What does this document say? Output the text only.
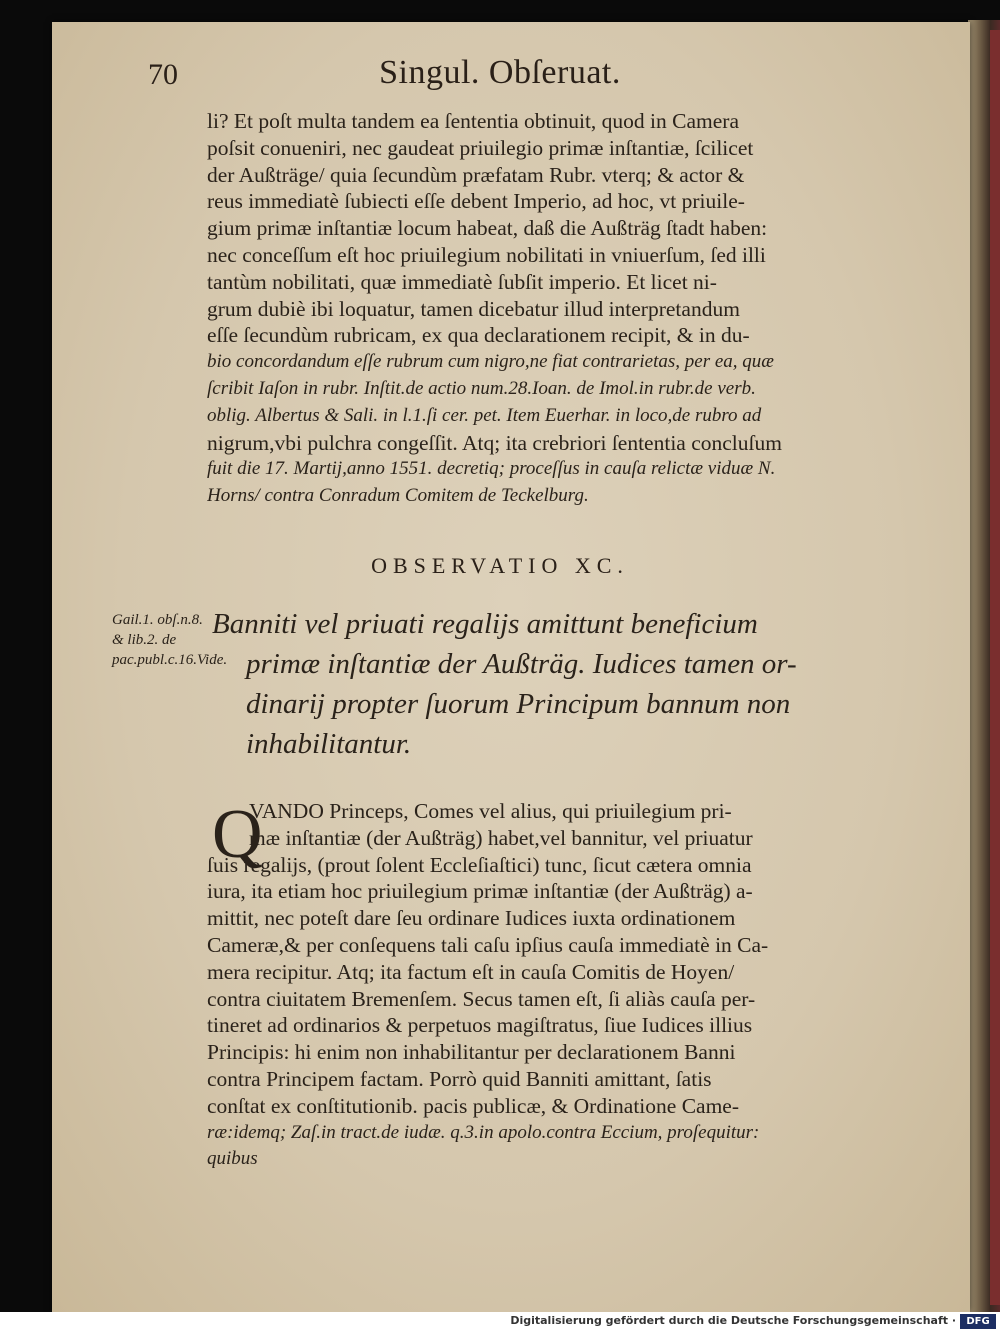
70	Singul. Obſeruat.
li? Et poſt multa tandem ea ſententia obtinuit, quod in Camera
poſsit conueniri, nec gaudeat priuilegio primæ inſtantiæ, ſcilicet
der Außträge/ quia ſecundùm præfatam Rubr. vterq; & actor &
reus immediatè ſubiecti eſſe debent Imperio, ad hoc, vt priuile-
gium primæ inſtantiæ locum habeat, daß die Außträg ſtadt haben:
nec conceſſum eſt hoc priuilegium nobilitati in vniuerſum, ſed illi
tantùm nobilitati, quæ immediatè ſubſit imperio. Et licet ni-
grum dubiè ibi loquatur, tamen dicebatur illud interpretandum
eſſe ſecundùm rubricam, ex qua declarationem recipit, & in du-
bio concordandum eſſe rubrum cum nigro,ne fiat contrarietas, per ea, quæ
ſcribit Iaſon in rubr. Inſtit.de actio num.28.Ioan. de Imol.in rubr.de verb.
oblig. Albertus & Sali. in l.1.ſi cer. pet. Item Euerhar. in loco,de rubro ad
nigrum,vbi pulchra congeſſit. Atq; ita crebriori ſententia concluſum
fuit die 17. Martij,anno 1551. decretiq; proceſſus in cauſa relictæ viduæ N.
Horns/ contra Conradum Comitem de Teckelburg.
OBSERVATIO XC.
Gail.1. obſ.n.8. & lib.2. de pac.publ.c.16.Vide.
Banniti vel priuati regalijs amittunt beneficium
primæ inſtantiæ der Außträg. Iudices tamen or-
dinarij propter ſuorum Principum bannum non
inhabilitantur.
Q
VANDO Princeps, Comes vel alius, qui priuilegium pri-
mæ inſtantiæ (der Außträg) habet,vel bannitur, vel priuatur
ſuis regalijs, (prout ſolent Eccleſiaſtici) tunc, ſicut cætera omnia
iura, ita etiam hoc priuilegium primæ inſtantiæ (der Außträg) a-
mittit, nec poteſt dare ſeu ordinare Iudices iuxta ordinationem
Cameræ,& per conſequens tali caſu ipſius cauſa immediatè in Ca-
mera recipitur. Atq; ita factum eſt in cauſa Comitis de Hoyen/
contra ciuitatem Bremenſem. Secus tamen eſt, ſi aliàs cauſa per-
tineret ad ordinarios & perpetuos magiſtratus, ſiue Iudices illius
Principis: hi enim non inhabilitantur per declarationem Banni
contra Principem factam. Porrò quid Banniti amittant, ſatis
conſtat ex conſtitutionib. pacis publicæ, & Ordinatione Came-
ræ:idemq; Zaſ.in tract.de iudæ. q.3.in apolo.contra Eccium, proſequitur:
quibus
Digitalisierung gefördert durch die Deutsche Forschungsgemeinschaft ·	DFG
